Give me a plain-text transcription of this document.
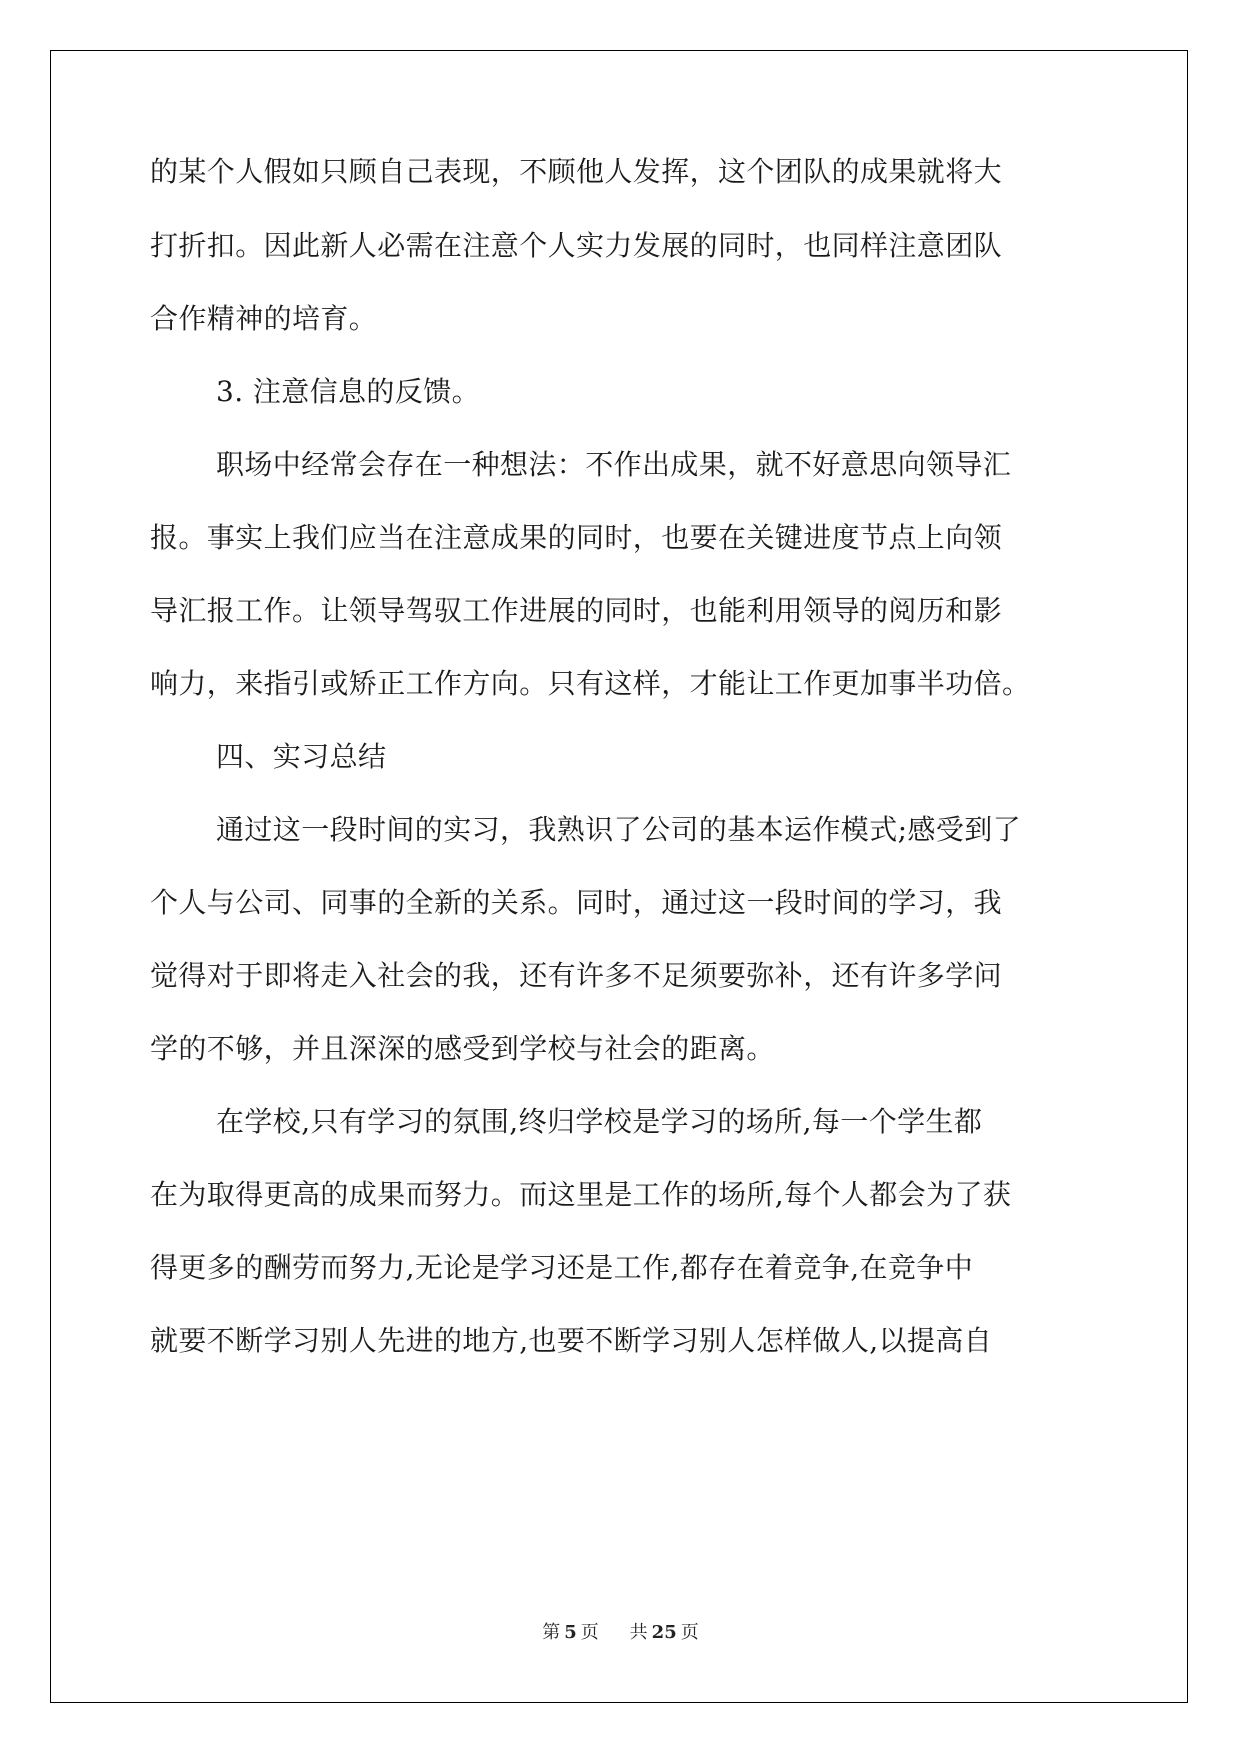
的某个人假如只顾自己表现，不顾他人发挥，这个团队的成果就将大
打折扣。因此新人必需在注意个人实力发展的同时，也同样注意团队
合作精神的培育。
3. 注意信息的反馈。
职场中经常会存在一种想法：不作出成果，就不好意思向领导汇
报。事实上我们应当在注意成果的同时，也要在关键进度节点上向领
导汇报工作。让领导驾驭工作进展的同时，也能利用领导的阅历和影
响力，来指引或矫正工作方向。只有这样，才能让工作更加事半功倍。
四、实习总结
通过这一段时间的实习，我熟识了公司的基本运作模式;感受到了
个人与公司、同事的全新的关系。同时，通过这一段时间的学习，我
觉得对于即将走入社会的我，还有许多不足须要弥补，还有许多学问
学的不够，并且深深的感受到学校与社会的距离。
在学校,只有学习的氛围,终归学校是学习的场所,每一个学生都
在为取得更高的成果而努力。而这里是工作的场所,每个人都会为了获
得更多的酬劳而努力,无论是学习还是工作,都存在着竞争,在竞争中
就要不断学习别人先进的地方,也要不断学习别人怎样做人,以提高自
第 5 页 共 25 页
